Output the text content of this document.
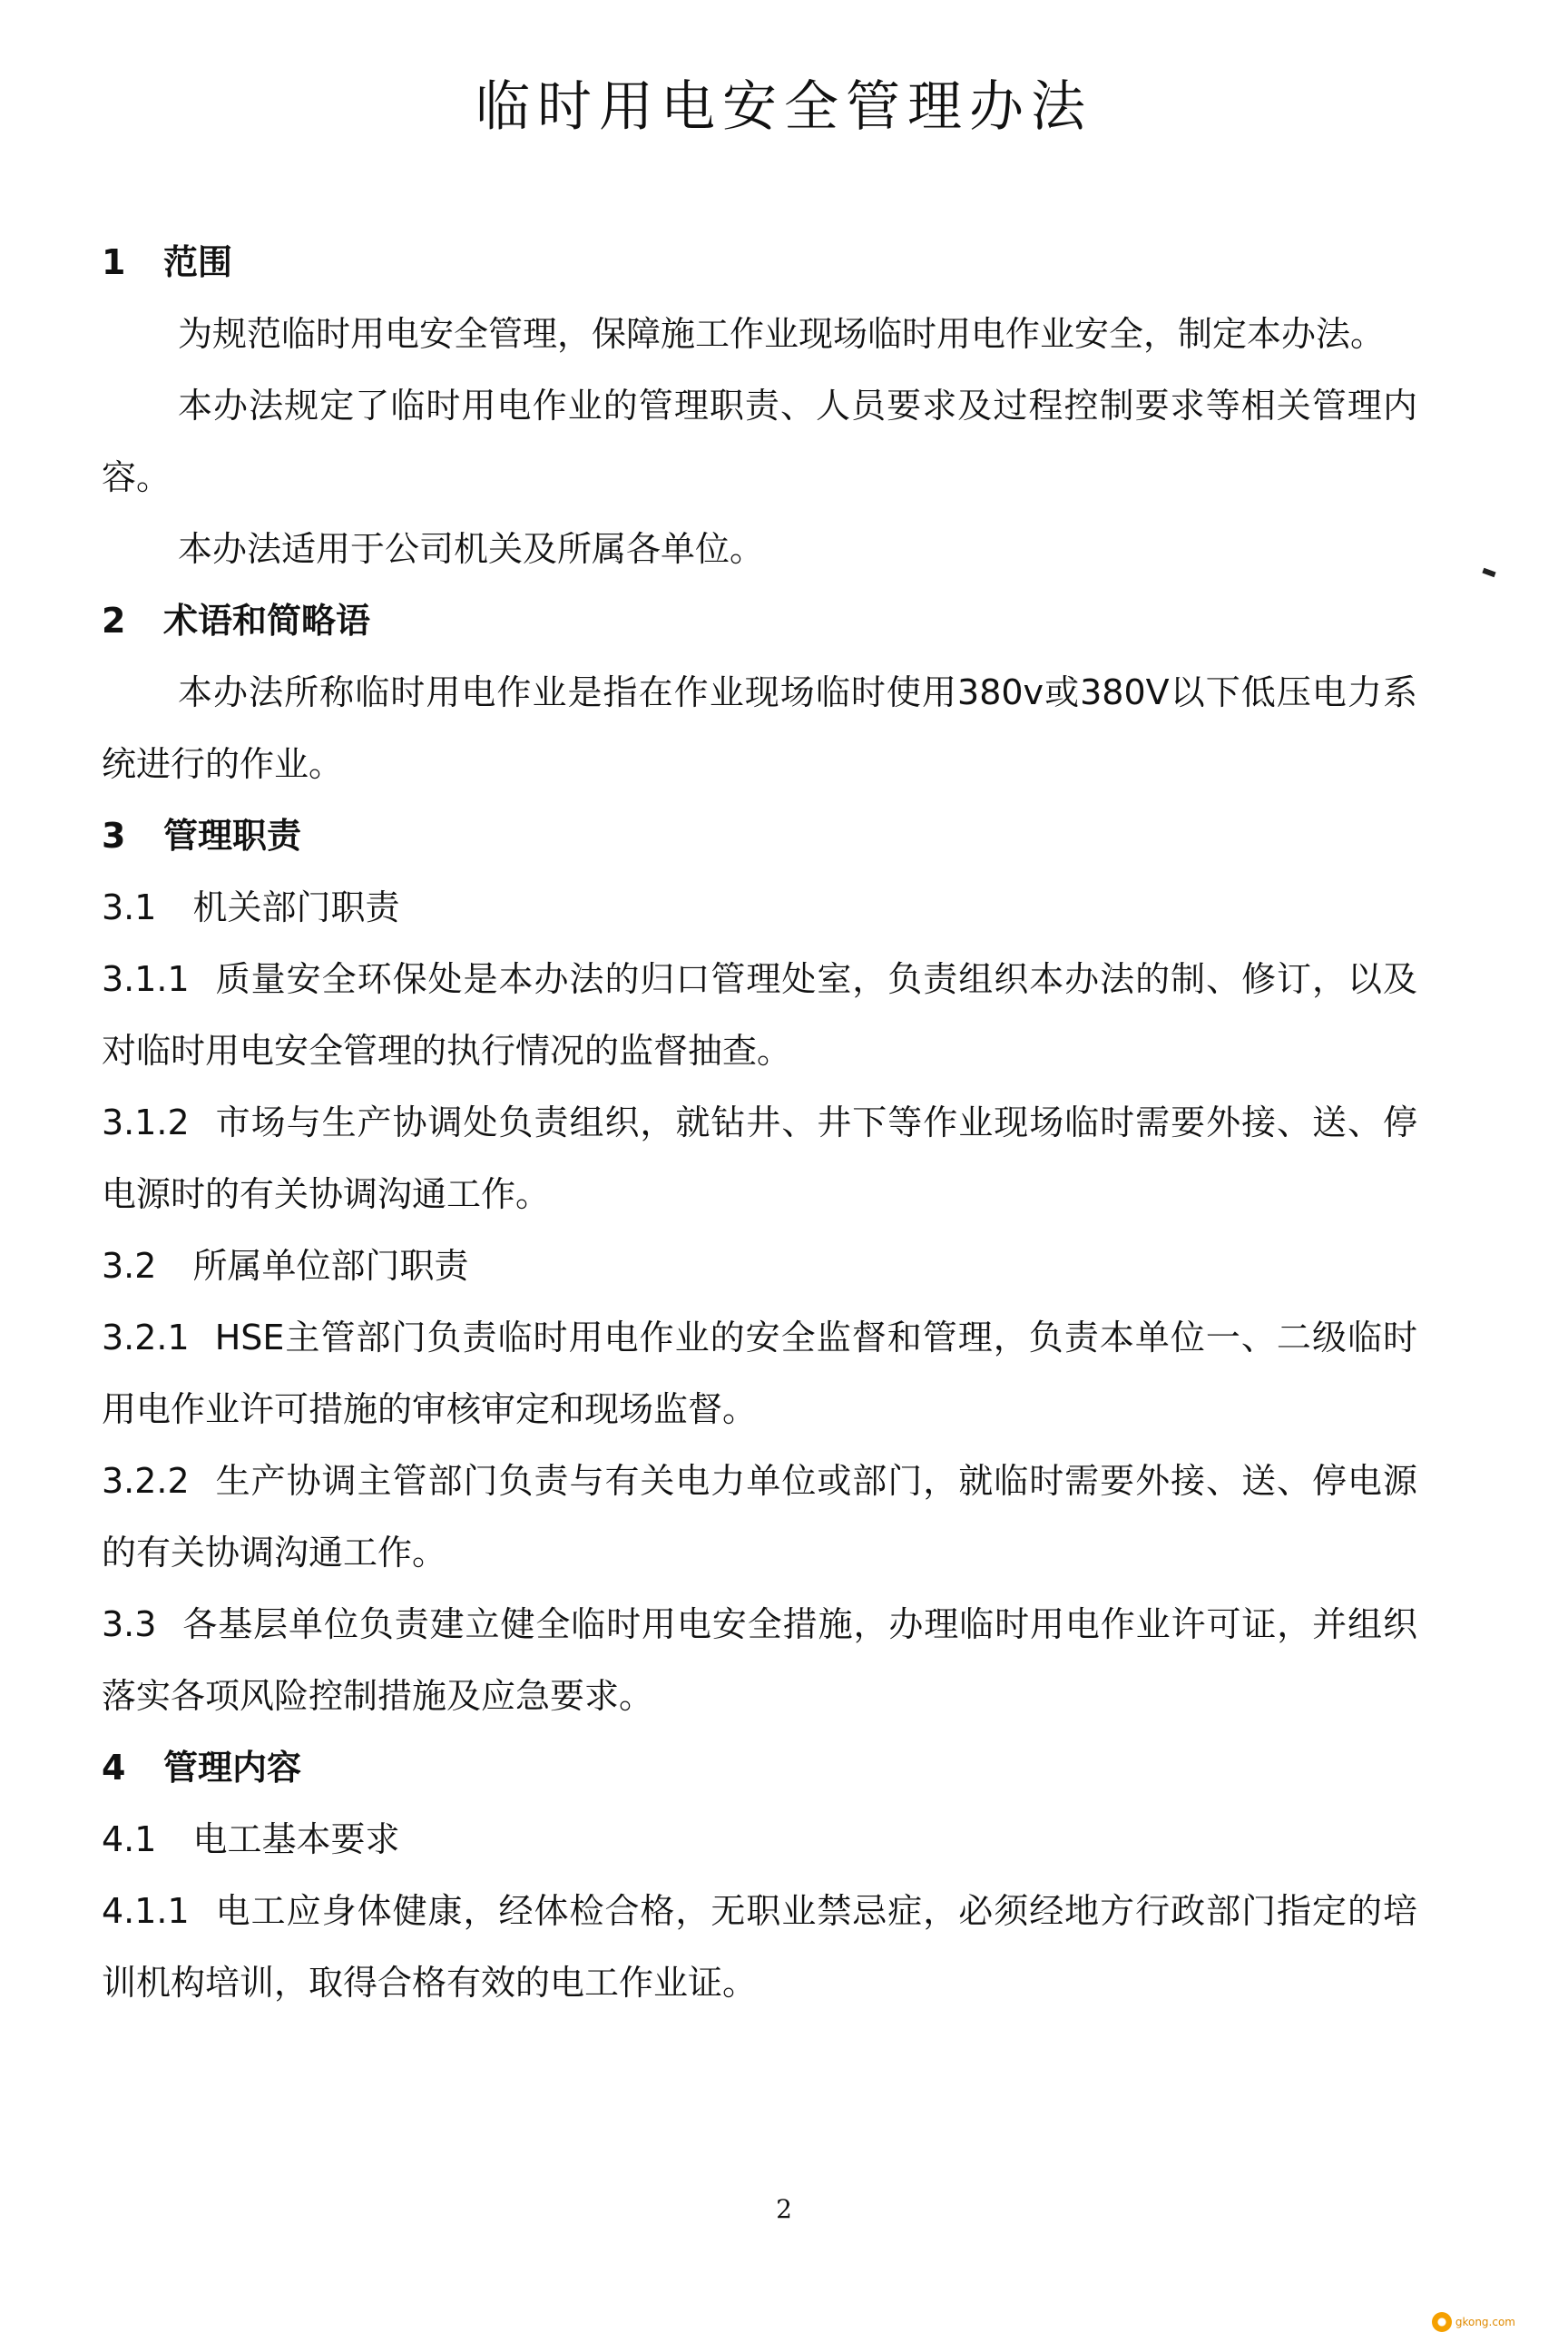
临时用电安全管理办法
1 范围

为规范临时用电安全管理，保障施工作业现场临时用电作业安全，制定本办法。

本办法规定了临时用电作业的管理职责、人员要求及过程控制要求等相关管理内容。

本办法适用于公司机关及所属各单位。

2 术语和简略语

本办法所称临时用电作业是指在作业现场临时使用380v或380V以下低压电力系统进行的作业。

3 管理职责
3.1 机关部门职责

3.1.1 质量安全环保处是本办法的归口管理处室，负责组织本办法的制、修订，以及对临时用电安全管理的执行情况的监督抽查。

3.1.2 市场与生产协调处负责组织，就钻井、井下等作业现场临时需要外接、送、停电源时的有关协调沟通工作。

3.2 所属单位部门职责

3.2.1 HSE主管部门负责临时用电作业的安全监督和管理，负责本单位一、二级临时用电作业许可措施的审核审定和现场监督。

3.2.2 生产协调主管部门负责与有关电力单位或部门，就临时需要外接、送、停电源的有关协调沟通工作。

3.3 各基层单位负责建立健全临时用电安全措施，办理临时用电作业许可证，并组织落实各项风险控制措施及应急要求。

4 管理内容
4.1 电工基本要求

4.1.1 电工应身体健康，经体检合格，无职业禁忌症，必须经地方行政部门指定的培训机构培训，取得合格有效的电工作业证。

2
gkong.com
